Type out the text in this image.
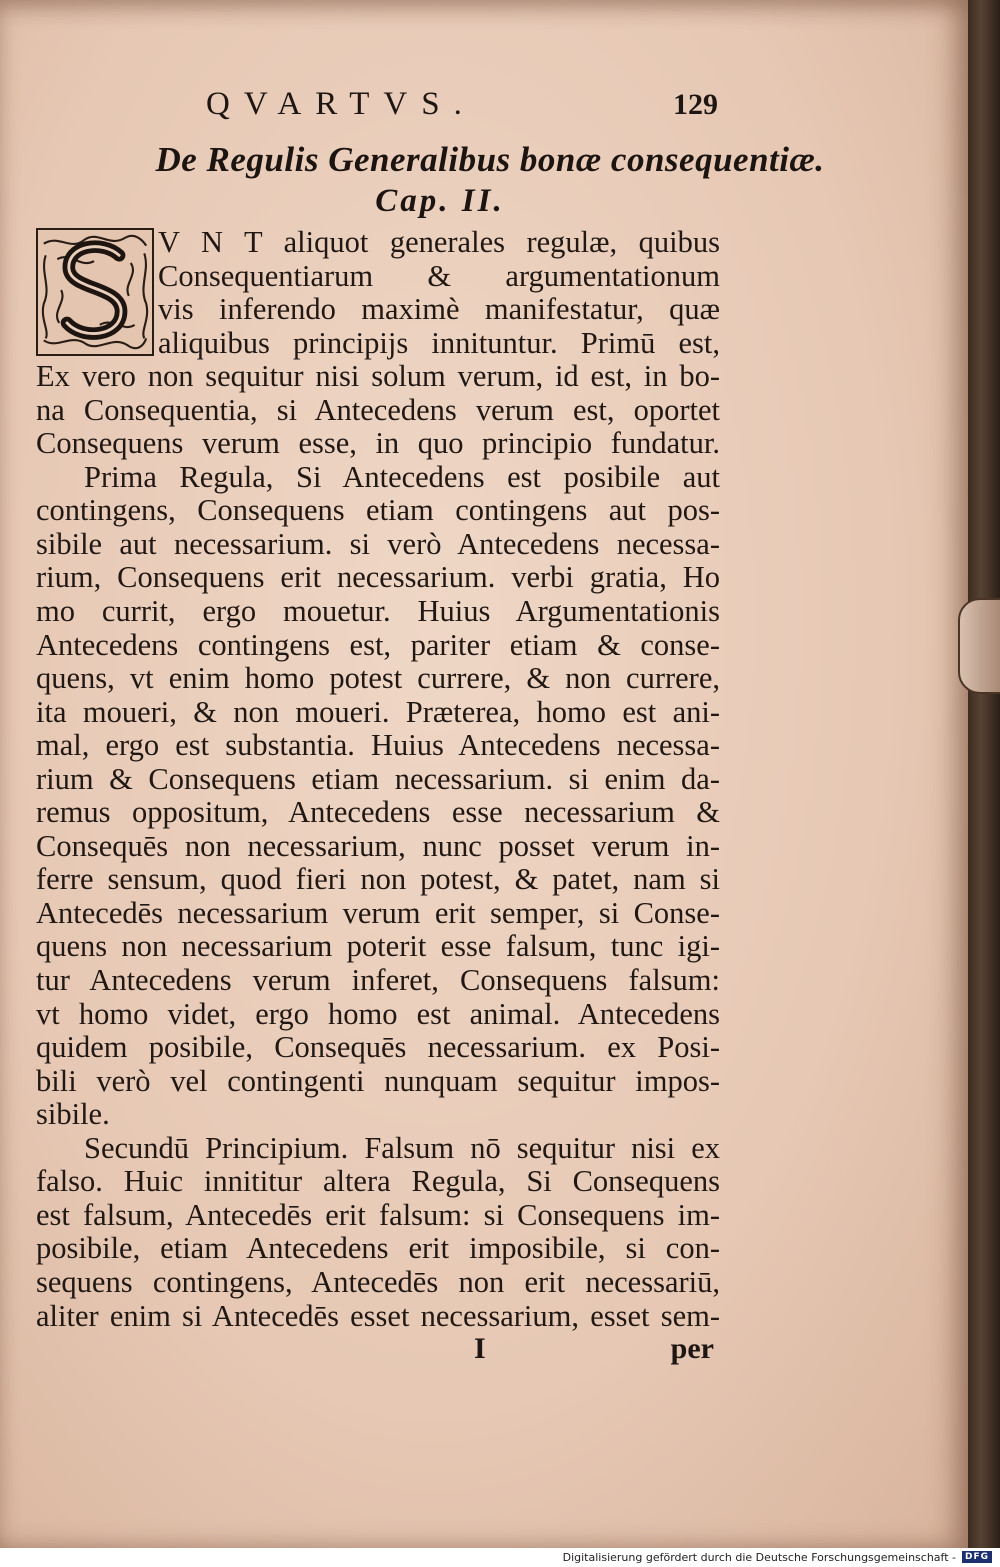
QVARTVS.	129
De Regulis Generalibus bonæ consequentiæ.
Cap. II.
V N T aliquot generales regulæ, quibus
Consequentiarum & argumentationum
vis inferendo maximè manifestatur, quæ
aliquibus principijs innituntur. Primū est,
Ex vero non sequitur nisi solum verum, id est, in bo-
na Consequentia, si Antecedens verum est, oportet
Consequens verum esse, in quo principio fundatur.
Prima Regula, Si Antecedens est posibile aut
contingens, Consequens etiam contingens aut pos-
sibile aut necessarium. si verò Antecedens necessa-
rium, Consequens erit necessarium. verbi gratia, Ho
mo currit, ergo mouetur. Huius Argumentationis
Antecedens contingens est, pariter etiam & conse-
quens, vt enim homo potest currere, & non currere,
ita moueri, & non moueri. Præterea, homo est ani-
mal, ergo est substantia. Huius Antecedens necessa-
rium & Consequens etiam necessarium. si enim da-
remus oppositum, Antecedens esse necessarium &
Consequēs non necessarium, nunc posset verum in-
ferre sensum, quod fieri non potest, & patet, nam si
Antecedēs necessarium verum erit semper, si Conse-
quens non necessarium poterit esse falsum, tunc igi-
tur Antecedens verum inferet, Consequens falsum:
vt homo videt, ergo homo est animal. Antecedens
quidem posibile, Consequēs necessarium. ex Posi-
bili verò vel contingenti nunquam sequitur impos-
sibile.
Secundū Principium. Falsum nō sequitur nisi ex
falso. Huic innititur altera Regula, Si Consequens
est falsum, Antecedēs erit falsum: si Consequens im-
posibile, etiam Antecedens erit imposibile, si con-
sequens contingens, Antecedēs non erit necessariū,
aliter enim si Antecedēs esset necessarium, esset sem-
I	per
Digitalisierung gefördert durch die Deutsche Forschungsgemeinschaft - DFG
